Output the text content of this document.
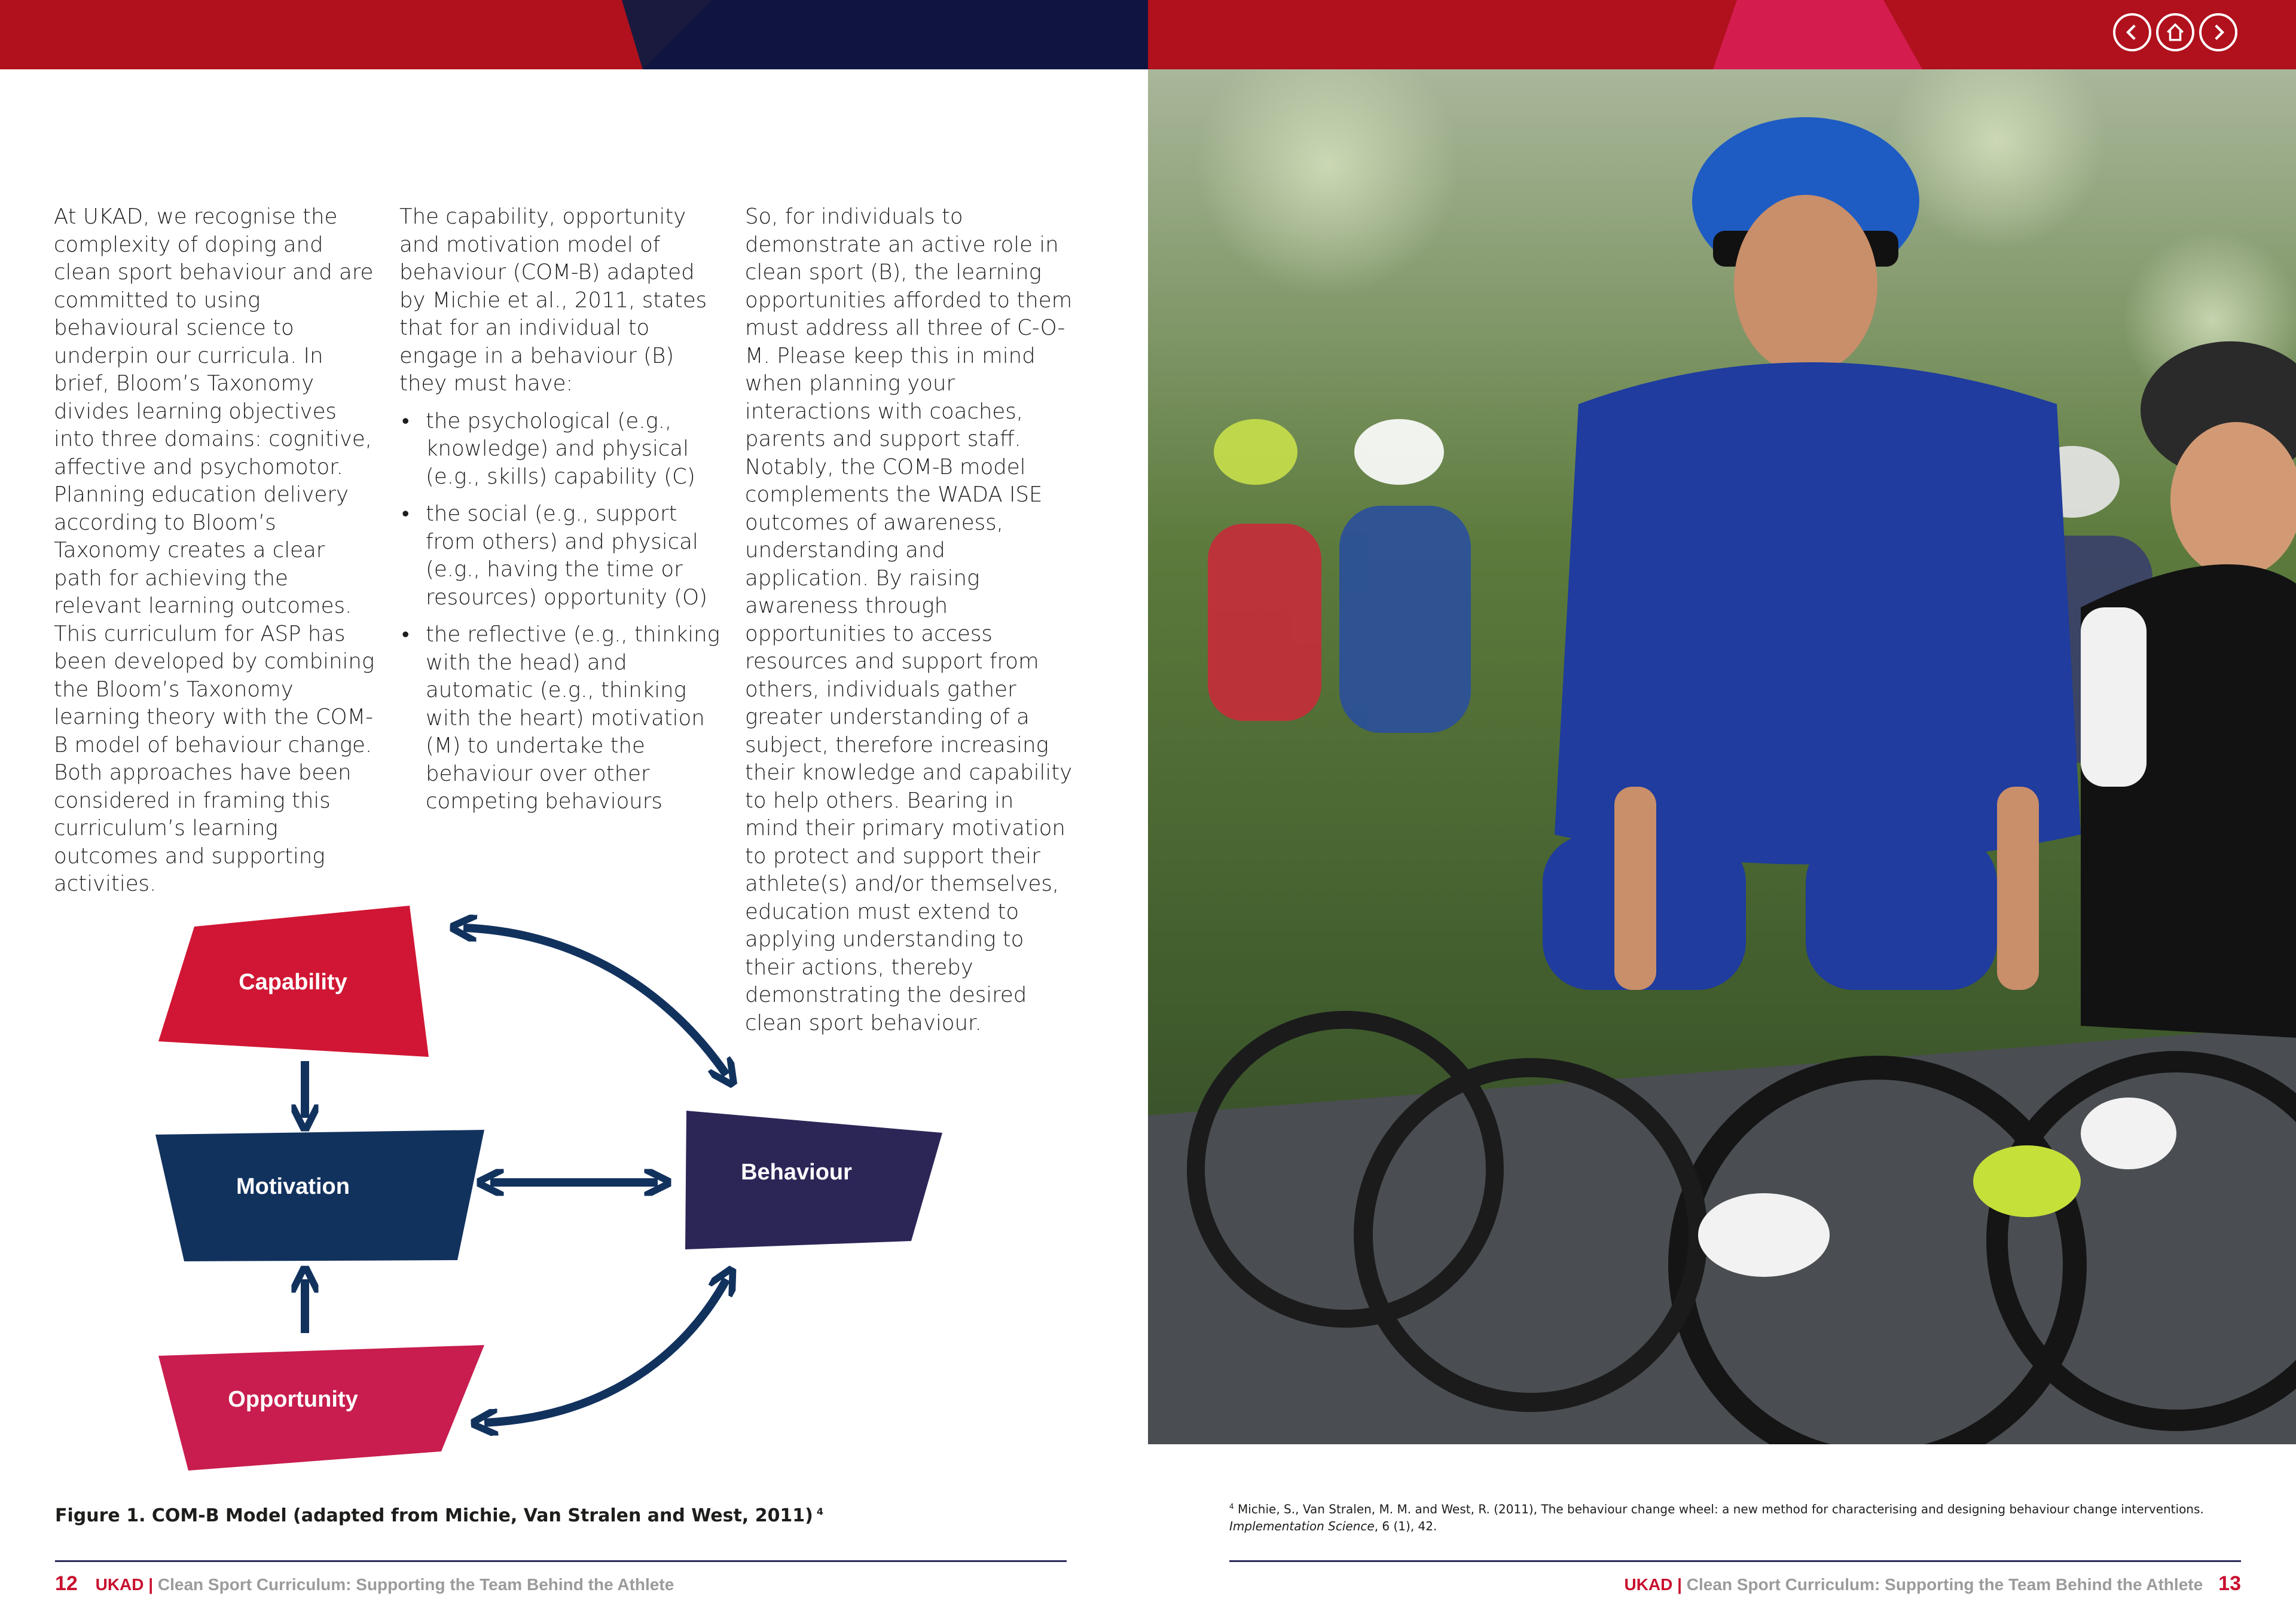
At UKAD, we recognise the complexity of doping and clean sport behaviour and are committed to using behavioural science to underpin our curricula. In brief, Bloom’s Taxonomy divides learning objectives into three domains: cognitive, affective and psychomotor. Planning education delivery according to Bloom’s Taxonomy creates a clear path for achieving the relevant learning outcomes. This curriculum for ASP has been developed by combining the Bloom’s Taxonomy learning theory with the COM-B model of behaviour change. Both approaches have been considered in framing this curriculum’s learning outcomes and supporting activities.

The capability, opportunity and motivation model of behaviour (COM-B) adapted by Michie et al., 2011, states that for an individual to engage in a behaviour (B) they must have:

• the psychological (e.g., knowledge) and physical (e.g., skills) capability (C)
• the social (e.g., support from others) and physical (e.g., having the time or resources) opportunity (O)
• the reflective (e.g., thinking with the head) and automatic (e.g., thinking with the heart) motivation (M) to undertake the behaviour over other competing behaviours

So, for individuals to demonstrate an active role in clean sport (B), the learning opportunities afforded to them must address all three of C-O-M. Please keep this in mind when planning your interactions with coaches, parents and support staff. Notably, the COM-B model complements the WADA ISE outcomes of awareness, understanding and application. By raising awareness through opportunities to access resources and support from others, individuals gather greater understanding of a subject, therefore increasing their knowledge and capability to help others. Bearing in mind their primary motivation to protect and support their athlete(s) and/or themselves, education must extend to applying understanding to their actions, thereby demonstrating the desired clean sport behaviour.

Capability
Motivation
Opportunity
Behaviour
Figure 1. COM-B Model (adapted from Michie, Van Stralen and West, 2011) $^4$	$^4$ Michie, S., Van Stralen, M. M. and West, R. (2011), The behaviour change wheel: a new method for characterising and designing behaviour change interventions.
Implementation Science, 6 (1), 42.
12 UKAD | Clean Sport Curriculum: Supporting the Team Behind the Athlete	UKAD | Clean Sport Curriculum: Supporting the Team Behind the Athlete 13
